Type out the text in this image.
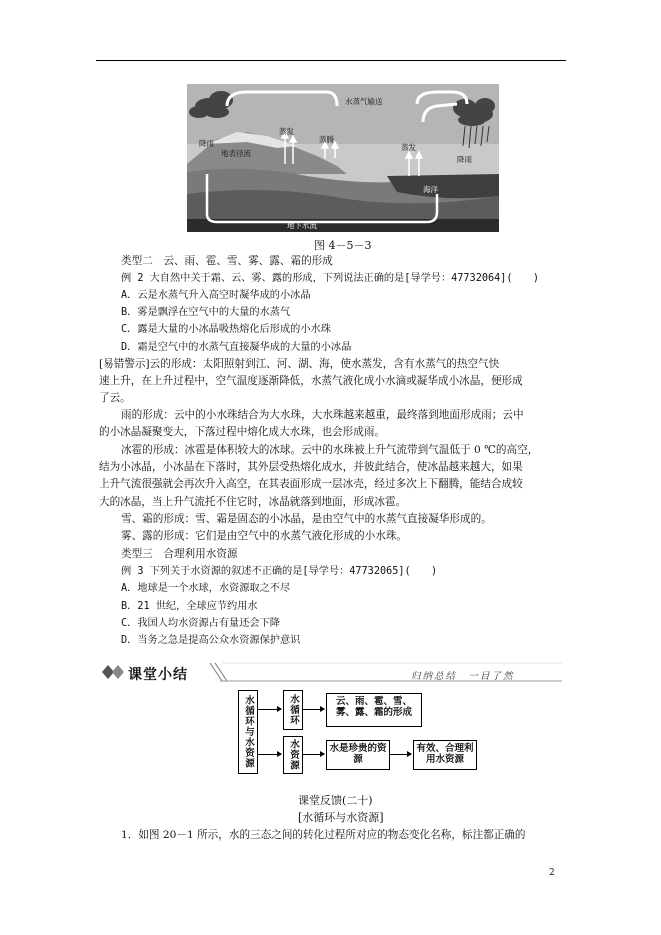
水蒸气输送
降雨
地表径流
蒸发
蒸腾
蒸发
降雨
海洋
地下水流
图 4－5－3
类型二　云、雨、雹、雪、雾、露、霜的形成
例 2 大自然中关于霜、云、雾、露的形成，下列说法正确的是[导学号：47732064](　　)
A．云是水蒸气升入高空时凝华成的小冰晶
B．雾是飘浮在空气中的大量的水蒸气
C．露是大量的小冰晶吸热熔化后形成的小水珠
D．霜是空气中的水蒸气直接凝华成的大量的小冰晶
[易错警示]云的形成：太阳照射到江、河、湖、海，使水蒸发，含有水蒸气的热空气快
速上升，在上升过程中，空气温度逐渐降低，水蒸气液化成小水滴或凝华成小冰晶，便形成
了云。
雨的形成：云中的小水珠结合为大水珠，大水珠越来越重，最终落到地面形成雨；云中
的小冰晶凝聚变大，下落过程中熔化成大水珠，也会形成雨。
冰雹的形成：冰雹是体积较大的冰球。云中的水珠被上升气流带到气温低于 0 ℃的高空，
结为小冰晶，小冰晶在下落时，其外层受热熔化成水，并彼此结合，使冰晶越来越大，如果
上升气流很强就会再次升入高空，在其表面形成一层冰壳，经过多次上下翻腾，能结合成较
大的冰晶，当上升气流托不住它时，冰晶就落到地面，形成冰雹。
雪、霜的形成：雪、霜是固态的小冰晶，是由空气中的水蒸气直接凝华形成的。
雾、露的形成：它们是由空气中的水蒸气液化形成的小水珠。
类型三　合理利用水资源
例 3 下列关于水资源的叙述不正确的是[导学号：47732065](　　)
A．地球是一个水球，水资源取之不尽
B．21 世纪，全球应节约用水
C．我国人均水资源占有量还会下降
D．当务之急是提高公众水资源保护意识
课堂小结	归纳总结　一目了然
水循环与水资源	水循环
水资源
云、雨、雹、雪、雾、露、霜的形成
水是珍贵的资源
有效、合理利用水资源
课堂反馈(二十)
[水循环与水资源]
1．如图 20－1 所示，水的三态之间的转化过程所对应的物态变化名称，标注都正确的
2
